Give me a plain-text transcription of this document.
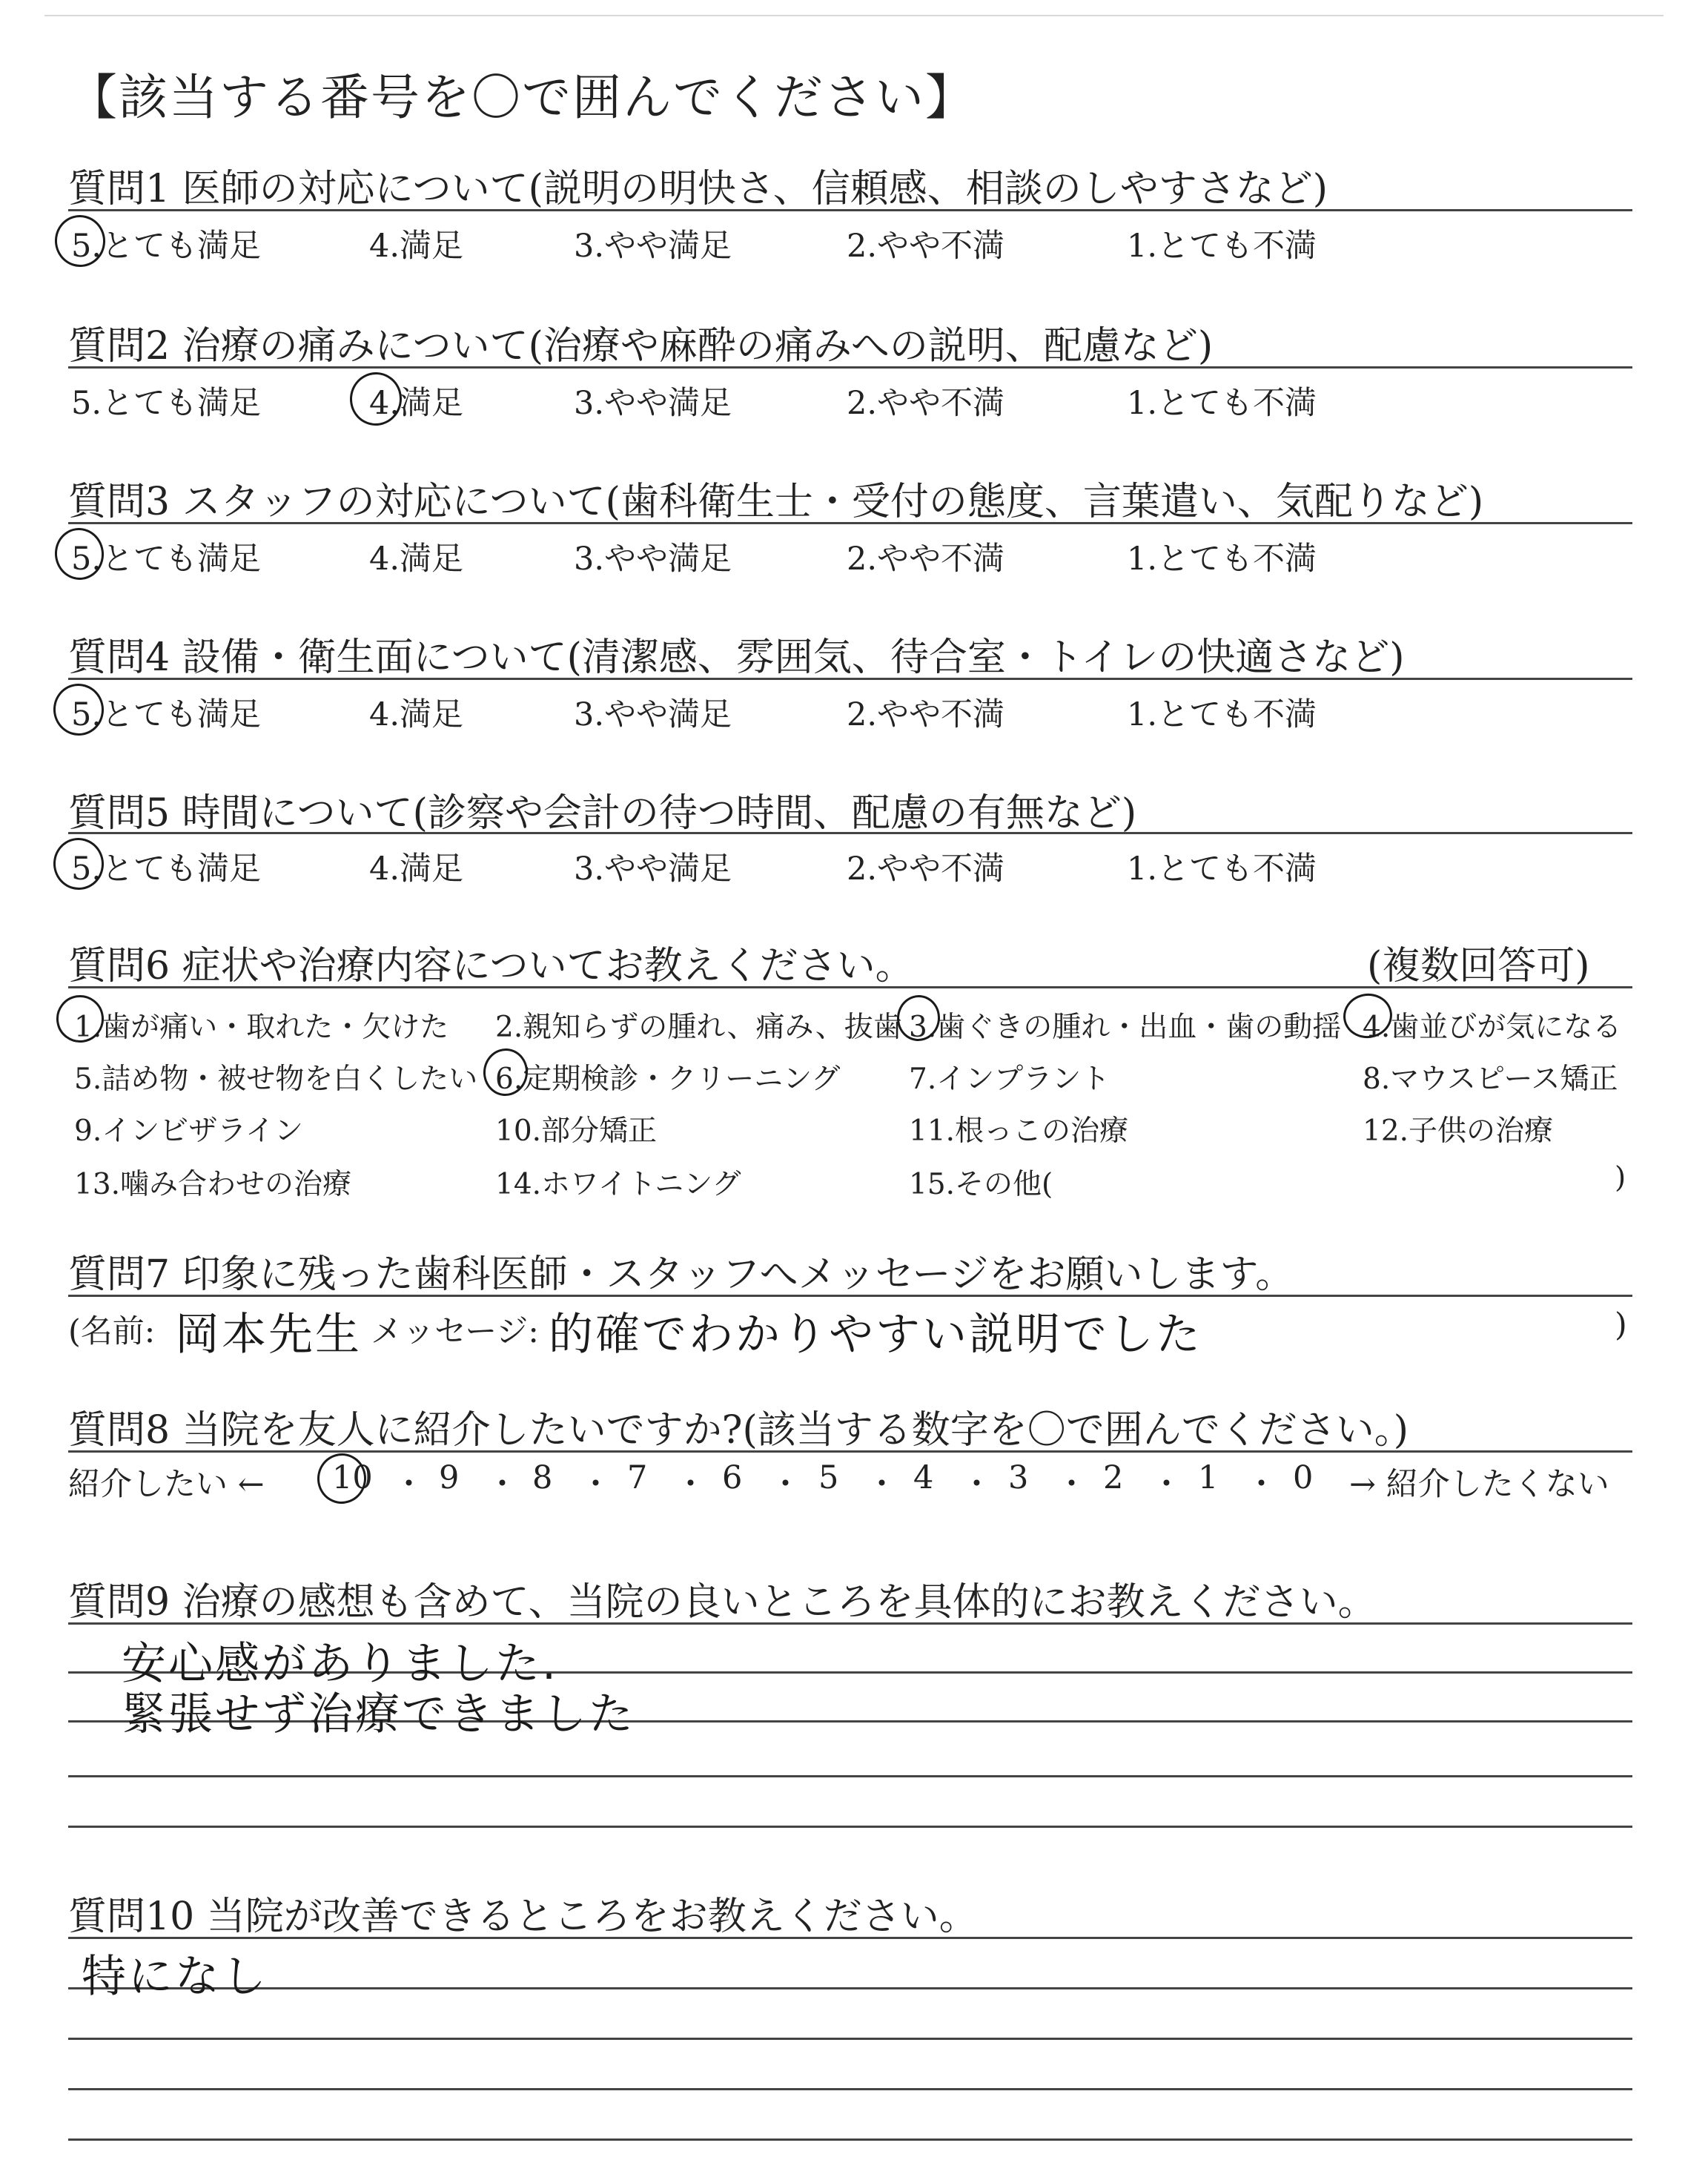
【該当する番号を〇で囲んでください】
質問1 医師の対応について(説明の明快さ、信頼感、相談のしやすさなど)
5.とても満足	4.満足	3.やや満足	2.やや不満	1.とても不満
質問2 治療の痛みについて(治療や麻酔の痛みへの説明、配慮など)
5.とても満足	4.満足	3.やや満足	2.やや不満	1.とても不満
質問3 スタッフの対応について(歯科衛生士・受付の態度、言葉遣い、気配りなど)
5.とても満足	4.満足	3.やや満足	2.やや不満	1.とても不満
質問4 設備・衛生面について(清潔感、雰囲気、待合室・トイレの快適さなど)
5.とても満足	4.満足	3.やや満足	2.やや不満	1.とても不満
質問5 時間について(診察や会計の待つ時間、配慮の有無など)
5.とても満足	4.満足	3.やや満足	2.やや不満	1.とても不満
質問6 症状や治療内容についてお教えください。	(複数回答可)
1.歯が痛い・取れた・欠けた 2.親知らずの腫れ、痛み、抜歯 3.歯ぐきの腫れ・出血・歯の動揺 4.歯並びが気になる
5.詰め物・被せ物を白くしたい 6.定期検診・クリーニング 7.インプラント	8.マウスピース矯正
9.インビザライン	10.部分矯正	11.根っこの治療	12.子供の治療
13.噛み合わせの治療	14.ホワイトニング	15.その他(	)
質問7 印象に残った歯科医師・スタッフへメッセージをお願いします。
(名前: 岡本先生 メッセージ: 的確でわかりやすい説明でした	)
質問8 当院を友人に紹介したいですか?(該当する数字を〇で囲んでください。)
紹介したい ← 10 ・ 9 ・ 8 ・ 7 ・ 6 ・ 5 ・ 4 ・ 3 ・ 2 ・ 1 ・ 0 → 紹介したくない
質問9 治療の感想も含めて、当院の良いところを具体的にお教えください。
安心感がありました.
緊張せず治療できました
質問10 当院が改善できるところをお教えください。
特になし
